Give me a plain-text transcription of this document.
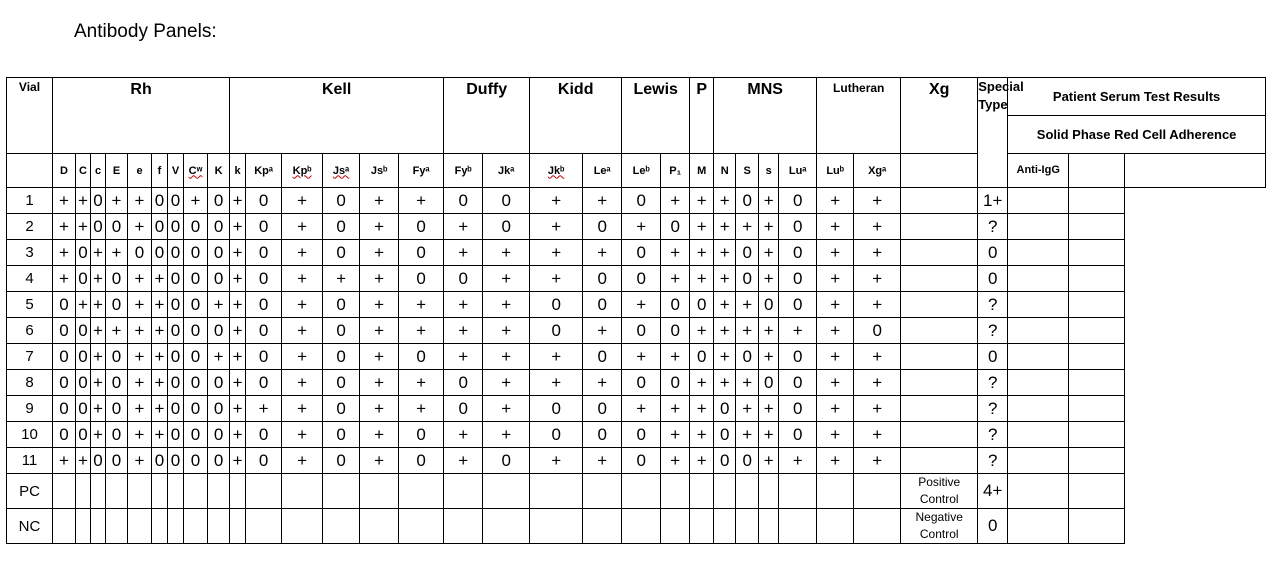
Antibody Panels:
Vial	Rh									Kell						Duffy		Kidd		Lewis		P	MNS				Lutheran		Xg	Special Type	Patient Serum Test Results		
																															Solid Phase Red Cell Adherence		
	D	C	c	E	e	f	V	Cʷ	K	k	Kpᵃ	Kpᵇ	Jsᵃ	Jsᵇ	Fyᵃ	Fyᵇ	Jkᵃ	Jkᵇ	Leᵃ	Leᵇ	P₁	M	N	S	s	Luᵃ	Luᵇ	Xgᵃ			Anti-IgG		
1	+	+	0	+	+	0	0	+	0	+	0	+	0	+	+	0	0	+	+	0	+	+	+	0	+	0	+	+		1+			
2	+	+	0	0	+	0	0	0	0	+	0	+	0	+	0	+	0	+	0	+	0	+	+	+	+	0	+	+		?			
3	+	0	+	+	0	0	0	0	0	+	0	+	0	+	0	+	+	+	+	0	+	+	+	0	+	0	+	+		0			
4	+	0	+	0	+	+	0	0	0	+	0	+	+	+	0	0	+	+	0	0	+	+	+	0	+	0	+	+		0			
5	0	+	+	0	+	+	0	0	+	+	0	+	0	+	+	+	+	0	0	+	0	0	+	+	0	0	+	+		?			
6	0	0	+	+	+	+	0	0	0	+	0	+	0	+	+	+	+	0	+	0	0	+	+	+	+	+	+	0		?			
7	0	0	+	0	+	+	0	0	+	+	0	+	0	+	0	+	+	+	0	+	+	0	+	0	+	0	+	+		0			
8	0	0	+	0	+	+	0	0	0	+	0	+	0	+	+	0	+	+	+	0	0	+	+	+	0	0	+	+		?			
9	0	0	+	0	+	+	0	0	0	+	+	+	0	+	+	0	+	0	0	+	+	+	0	+	+	0	+	+		?			
10	0	0	+	0	+	+	0	0	0	+	0	+	0	+	0	+	+	0	0	0	+	+	0	+	+	0	+	+		?			
11	+	+	0	0	+	0	0	0	0	+	0	+	0	+	0	+	0	+	+	0	+	+	0	0	+	+	+	+		?			
PC																													Positive Control	4+			
NC																													Negative Control	0			
